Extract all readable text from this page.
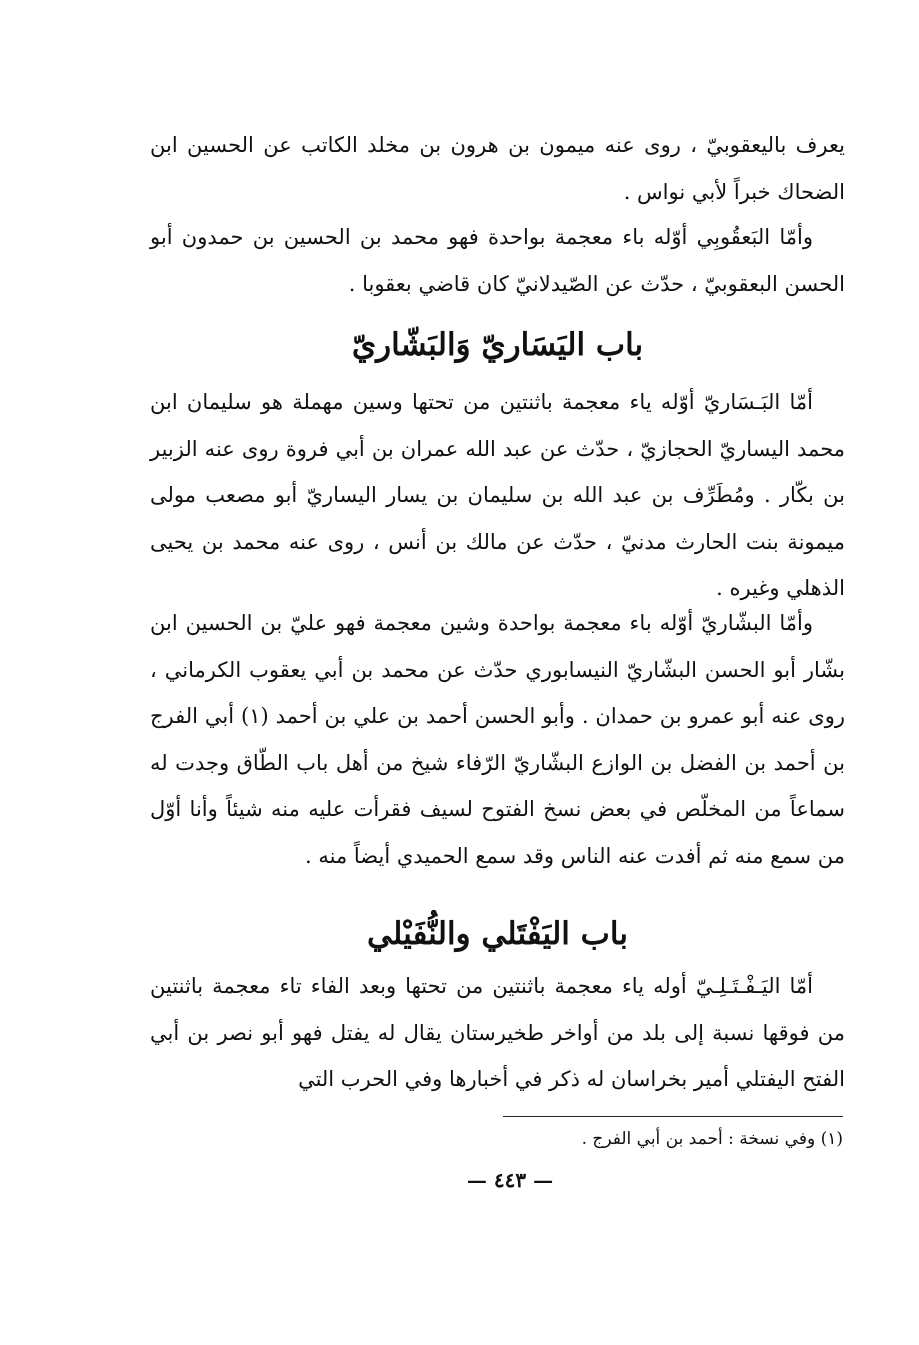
يعرف باليعقوبيّ ، روى عنه ميمون بن هرون بن مخلد الكاتب عن الحسين ابن الضحاك خبراً لأبي نواس .

وأمّا البَعقُوبِي أوّله باء معجمة بواحدة فهو محمد بن الحسين بن حمدون أبو الحسن البعقوبيّ ، حدّث عن الصّيدلانيّ كان قاضي بعقوبا .

باب اليَسَاريّ وَالبَشّاريّ

أمّا البَـسَاريّ أوّله ياء معجمة باثنتين من تحتها وسين مهملة هو سليمان ابن محمد اليساريّ الحجازيّ ، حدّث عن عبد الله عمران بن أبي فروة روى عنه الزبير بن بكّار . ومُطَرِّف بن عبد الله بن سليمان بن يسار اليساريّ أبو مصعب مولى ميمونة بنت الحارث مدنيّ ، حدّث عن مالك بن أنس ، روى عنه محمد بن يحيى الذهلي وغيره .

وأمّا البشّاريّ أوّله باء معجمة بواحدة وشين معجمة فهو عليّ بن الحسين ابن بشّار أبو الحسن البشّاريّ النيسابوري حدّث عن محمد بن أبي يعقوب الكرماني ، روى عنه أبو عمرو بن حمدان . وأبو الحسن أحمد بن علي بن أحمد (١) أبي الفرج بن أحمد بن الفضل بن الوازع البشّاريّ الرّفاء شيخ من أهل باب الطّاق وجدت له سماعاً من المخلّص في بعض نسخ الفتوح لسيف فقرأت عليه منه شيئاً وأنا أوّل من سمع منه ثم أفدت عنه الناس وقد سمع الحميدي أيضاً منه .

باب اليَفْتَلي والنُّفَيْلي

أمّا اليَـفْـتَـلِـيّ أوله ياء معجمة باثنتين من تحتها وبعد الفاء تاء معجمة باثنتين من فوقها نسبة إلى بلد من أواخر طخيرستان يقال له يفتل فهو أبو نصر بن أبي الفتح اليفتلي أمير بخراسان له ذكر في أخبارها وفي الحرب التي

(١) وفي نسخة : أحمد بن أبي الفرج .
— ٤٤٣ —
